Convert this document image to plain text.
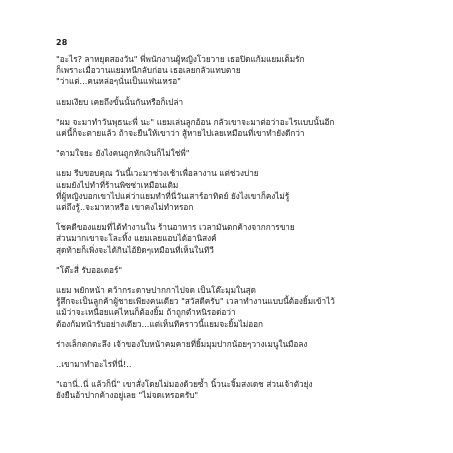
28
"อะไร? ลาหยุดสองวัน" พี่พนักงานผู้หญิงโวยวาย เธอปิดแก้มแยมเต็มรัก
ก็เพราะเมื่อวานแยมหนีกลับก่อน เธอเลยกลัวแทบตาย
"ว่าแต่...คนหล่อๆนั่นเป็นแฟนเหรอ"
แยมเงียบ เคยถึงขั้นนั้นกันหรือก็เปล่า
"ผม จะมาทำวันพุธนะพี่ นะ" แยมเล่นลูกอ้อน กลัวเขาจะมาต่อว่าอะไรแบบนั้นอีก
แค่นี้ก็จะตายแล้ว ถ้าจะยืนให้เขาว่า สู้หายไปเลยเหมือนที่เขาทำยังดีกว่า
"ตามใจยะ ยังไงคนถูกหักเงินก็ไม่ใช่พี่"
แยม รีบขอบคุณ วันนี้เวะมาช่วงเช้าเพื่อลางาน แต่ช่วงบ่าย
แยมยังไปทำที่ร้านพิซซ่าเหมือนเดิม
ที่ผู้หญิงบอกเขาไปแค่ว่าแยมทำที่นี่วันเสาร์อาทิตย์ ยังไงเขาก็คงไม่รู้
แต่ถึงรู้..จะมาหาหรือ เขาคงไม่ทำหรอก
โชคดีของแยมที่ได้ทำงานใน ร้านอาหาร เวลามันตกค้างจากการขาย
ส่วนมากเขาจะโละทิ้ง แยมเลยแอบได้อานิสงค์
สุดท้ายก็เพิ่งจะได้กินไอ้ยิดๆเหมือนที่เห็นในทีวี
"โต๊ะสี่ รับออเดอร์"
แยม พยักหน้า คว้ากระดาษปากกาไปจด เป็นโต๊ะมุมในสุด
รู้สึกจะเป็นลูกค้าผู้ชายเพียงคนเดียว "สวัสดีครับ" เวลาทำงานแบบนี้ต้องยิ้มเข้าไว้
แม้ว่าจะเหนื่อยแค่ไหนก็ต้องยิ้ม ถ้าถูกตำหนิรอด่อว่า
ต้องก้มหน้ารับอย่างเดียว...แต่เห็นทีคราวนี้แยมจะยิ้มไม่ออก
ร่างเล็กตกตะลึง เจ้าของใบหน้าคมคายที่ยิ้มมุมปากน้อยๆวางเมนูในมือลง
..เขามาทำอะไรที่นี่!..
"เอานี่..นี่ แล้วก็นี่" เขาสั่งโดยไม่มองด้วยซ้ำ นิ้วนะจิ้มสงเดช ส่วนเจ้าตัวยุ่ง
ยังยืนอ้าปากค้างอยู่เลย "ไม่จดเหรอครับ"
